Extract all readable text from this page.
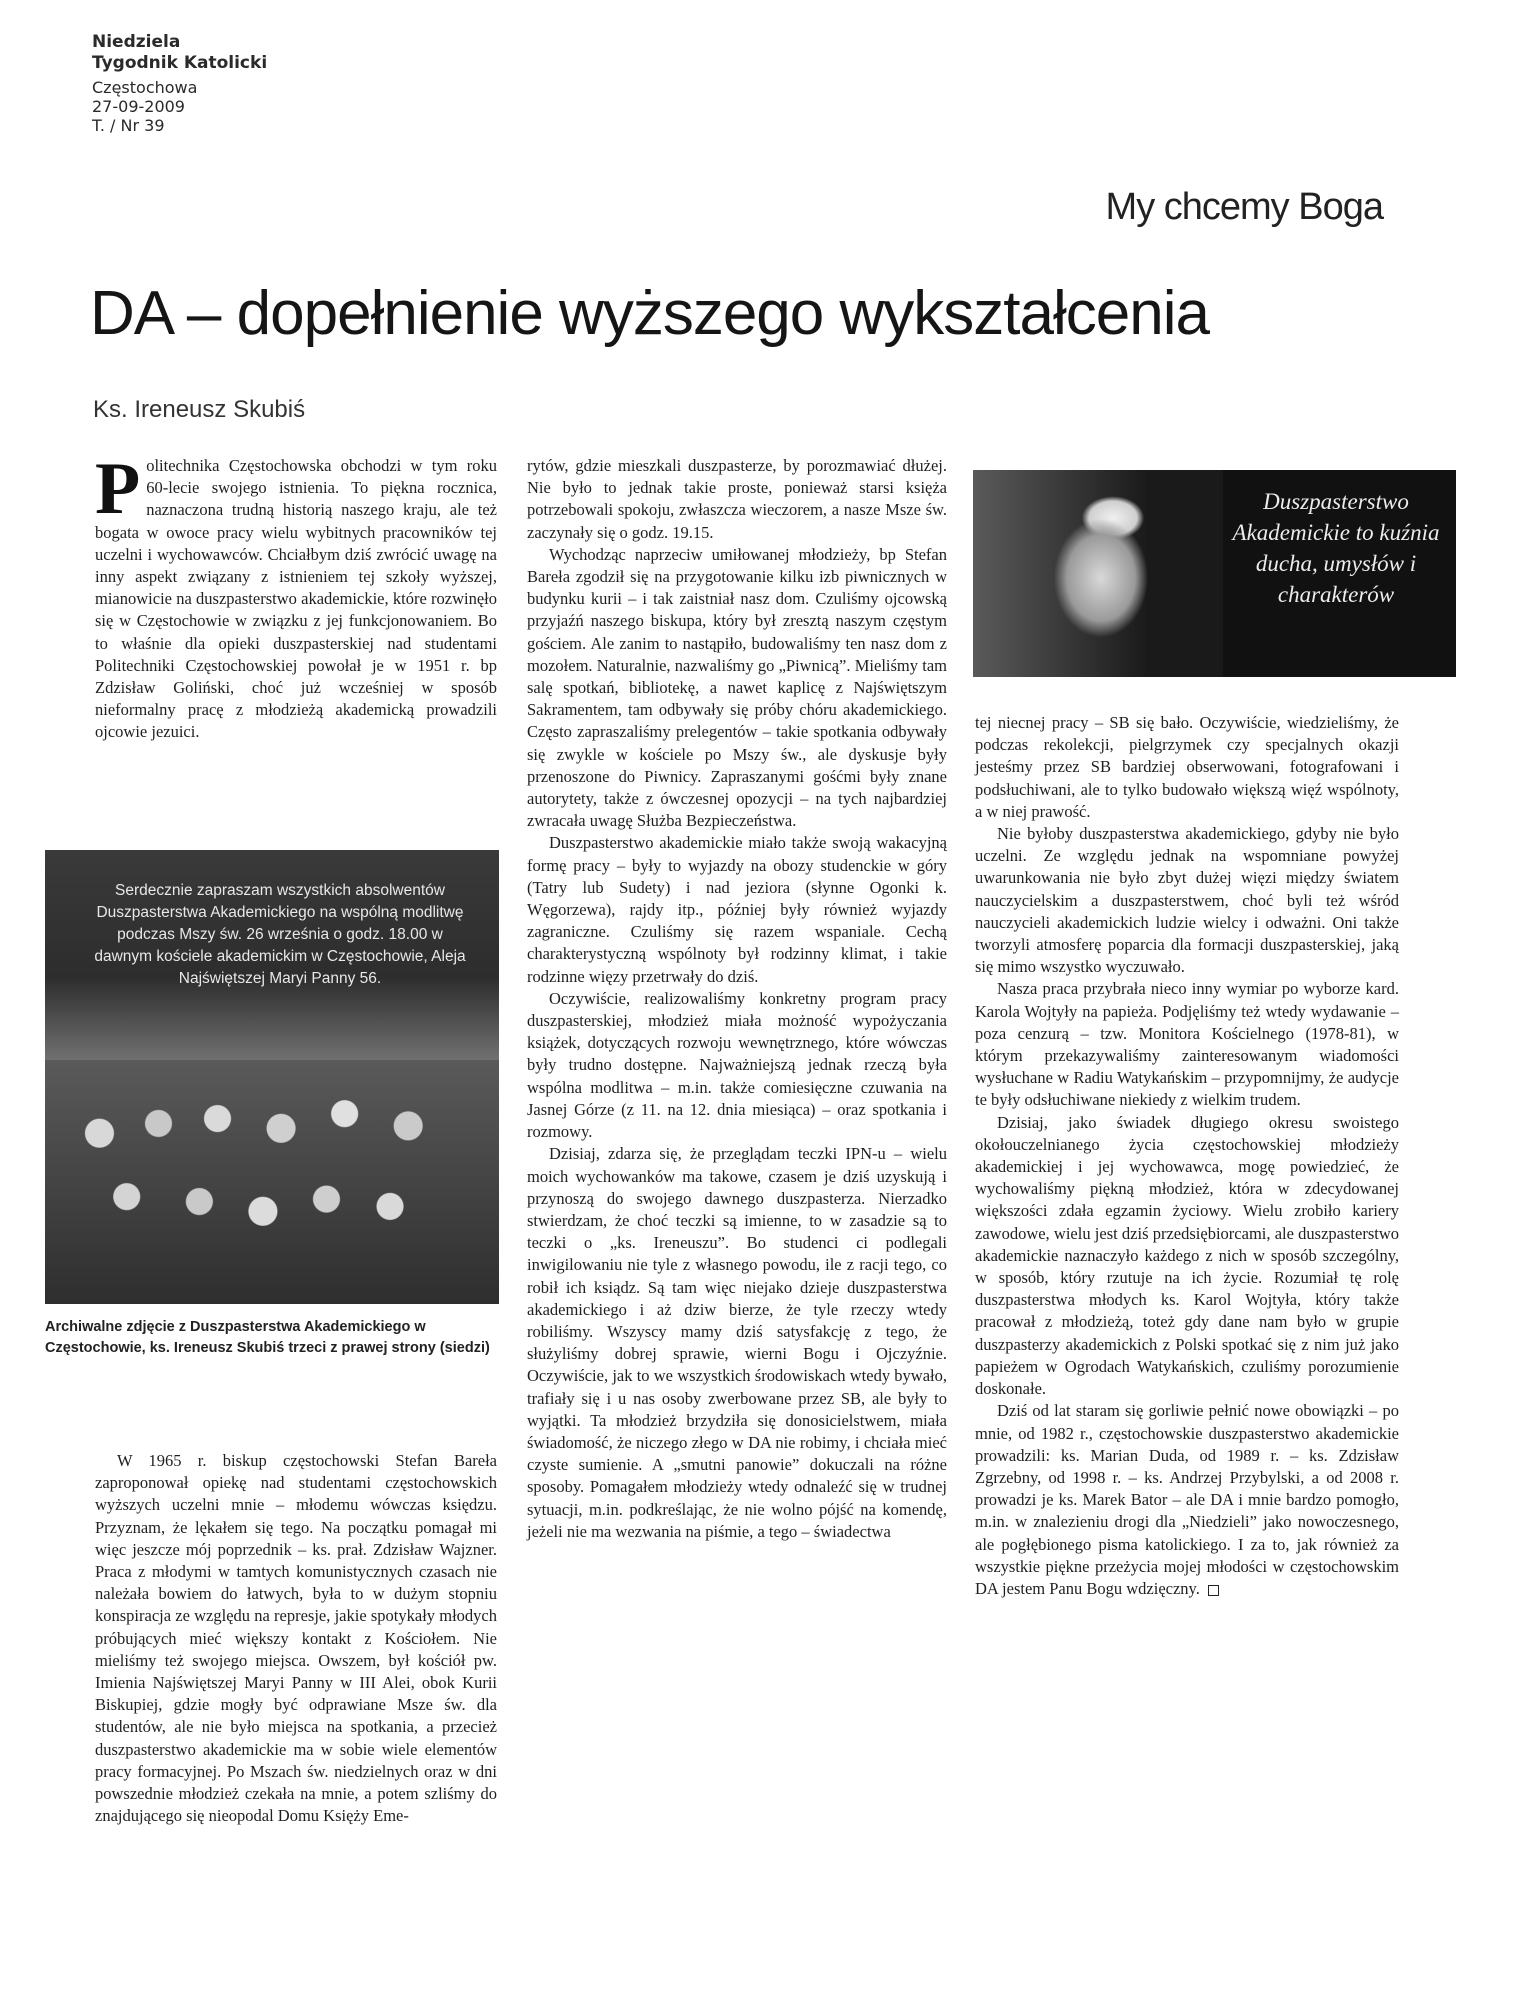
Niedziela
Tygodnik Katolicki
Częstochowa
27-09-2009
T. / Nr 39
My chcemy Boga
DA – dopełnienie wyższego wykształcenia
Ks. Ireneusz Skubiś

Politechnika Częstochowska obchodzi w tym roku 60-lecie swojego istnienia. To piękna rocznica, naznaczona trudną historią naszego kraju, ale też bogata w owoce pracy wielu wybitnych pracowników tej uczelni i wychowawców. Chciałbym dziś zwrócić uwagę na inny aspekt związany z istnieniem tej szkoły wyższej, mianowicie na duszpasterstwo akademickie, które rozwinęło się w Częstochowie w związku z jej funkcjonowaniem. Bo to właśnie dla opieki duszpasterskiej nad studentami Politechniki Częstochowskiej powołał je w 1951 r. bp Zdzisław Goliński, choć już wcześniej w sposób nieformalny pracę z młodzieżą akademicką prowadzili ojcowie jezuici.

Serdecznie zapraszam wszystkich absolwentów Duszpasterstwa Akademickiego na wspólną modlitwę podczas Mszy św. 26 września o godz. 18.00 w dawnym kościele akademickim w Częstochowie, Aleja Najświętszej Maryi Panny 56.
Archiwalne zdjęcie z Duszpasterstwa Akademickiego w Częstochowie, ks. Ireneusz Skubiś trzeci z prawej strony (siedzi)

W 1965 r. biskup częstochowski Stefan Bareła zaproponował opiekę nad studentami częstochowskich wyższych uczelni mnie – młodemu wówczas księdzu. Przyznam, że lękałem się tego. Na początku pomagał mi więc jeszcze mój poprzednik – ks. prał. Zdzisław Wajzner. Praca z młodymi w tamtych komunistycznych czasach nie należała bowiem do łatwych, była to w dużym stopniu konspiracja ze względu na represje, jakie spotykały młodych próbujących mieć większy kontakt z Kościołem. Nie mieliśmy też swojego miejsca. Owszem, był kościół pw. Imienia Najświętszej Maryi Panny w III Alei, obok Kurii Biskupiej, gdzie mogły być odprawiane Msze św. dla studentów, ale nie było miejsca na spotkania, a przecież duszpasterstwo akademickie ma w sobie wiele elementów pracy formacyjnej. Po Mszach św. niedzielnych oraz w dni powszednie młodzież czekała na mnie, a potem szliśmy do znajdującego się nieopodal Domu Księży Eme-

rytów, gdzie mieszkali duszpasterze, by porozmawiać dłużej. Nie było to jednak takie proste, ponieważ starsi księża potrzebowali spokoju, zwłaszcza wieczorem, a nasze Msze św. zaczynały się o godz. 19.15.

Wychodząc naprzeciw umiłowanej młodzieży, bp Stefan Bareła zgodził się na przygotowanie kilku izb piwnicznych w budynku kurii – i tak zaistniał nasz dom. Czuliśmy ojcowską przyjaźń naszego biskupa, który był zresztą naszym częstym gościem. Ale zanim to nastąpiło, budowaliśmy ten nasz dom z mozołem. Naturalnie, nazwaliśmy go „Piwnicą”. Mieliśmy tam salę spotkań, bibliotekę, a nawet kaplicę z Najświętszym Sakramentem, tam odbywały się próby chóru akademickiego. Często zapraszaliśmy prelegentów – takie spotkania odbywały się zwykle w kościele po Mszy św., ale dyskusje były przenoszone do Piwnicy. Zapraszanymi gośćmi były znane autorytety, także z ówczesnej opozycji – na tych najbardziej zwracała uwagę Służba Bezpieczeństwa.

Duszpasterstwo akademickie miało także swoją wakacyjną formę pracy – były to wyjazdy na obozy studenckie w góry (Tatry lub Sudety) i nad jeziora (słynne Ogonki k. Węgorzewa), rajdy itp., później były również wyjazdy zagraniczne. Czuliśmy się razem wspaniale. Cechą charakterystyczną wspólnoty był rodzinny klimat, i takie rodzinne więzy przetrwały do dziś.

Oczywiście, realizowaliśmy konkretny program pracy duszpasterskiej, młodzież miała możność wypożyczania książek, dotyczących rozwoju wewnętrznego, które wówczas były trudno dostępne. Najważniejszą jednak rzeczą była wspólna modlitwa – m.in. także comiesięczne czuwania na Jasnej Górze (z 11. na 12. dnia miesiąca) – oraz spotkania i rozmowy.

Dzisiaj, zdarza się, że przeglądam teczki IPN-u – wielu moich wychowanków ma takowe, czasem je dziś uzyskują i przynoszą do swojego dawnego duszpasterza. Nierzadko stwierdzam, że choć teczki są imienne, to w zasadzie są to teczki o „ks. Ireneuszu”. Bo studenci ci podlegali inwigilowaniu nie tyle z własnego powodu, ile z racji tego, co robił ich ksiądz. Są tam więc niejako dzieje duszpasterstwa akademickiego i aż dziw bierze, że tyle rzeczy wtedy robiliśmy. Wszyscy mamy dziś satysfakcję z tego, że służyliśmy dobrej sprawie, wierni Bogu i Ojczyźnie. Oczywiście, jak to we wszystkich środowiskach wtedy bywało, trafiały się i u nas osoby zwerbowane przez SB, ale były to wyjątki. Ta młodzież brzydziła się donosicielstwem, miała świadomość, że niczego złego w DA nie robimy, i chciała mieć czyste sumienie. A „smutni panowie” dokuczali na różne sposoby. Pomagałem młodzieży wtedy odnaleźć się w trudnej sytuacji, m.in. podkreślając, że nie wolno pójść na komendę, jeżeli nie ma wezwania na piśmie, a tego – świadectwa

Duszpasterstwo Akademickie to kuźnia ducha, umysłów i charakterów

tej niecnej pracy – SB się bało. Oczywiście, wiedzieliśmy, że podczas rekolekcji, pielgrzymek czy specjalnych okazji jesteśmy przez SB bardziej obserwowani, fotografowani i podsłuchiwani, ale to tylko budowało większą więź wspólnoty, a w niej prawość.

Nie byłoby duszpasterstwa akademickiego, gdyby nie było uczelni. Ze względu jednak na wspomniane powyżej uwarunkowania nie było zbyt dużej więzi między światem nauczycielskim a duszpasterstwem, choć byli też wśród nauczycieli akademickich ludzie wielcy i odważni. Oni także tworzyli atmosferę poparcia dla formacji duszpasterskiej, jaką się mimo wszystko wyczuwało.

Nasza praca przybrała nieco inny wymiar po wyborze kard. Karola Wojtyły na papieża. Podjęliśmy też wtedy wydawanie – poza cenzurą – tzw. Monitora Kościelnego (1978-81), w którym przekazywaliśmy zainteresowanym wiadomości wysłuchane w Radiu Watykańskim – przypomnijmy, że audycje te były odsłuchiwane niekiedy z wielkim trudem.

Dzisiaj, jako świadek długiego okresu swoistego okołouczelnianego życia częstochowskiej młodzieży akademickiej i jej wychowawca, mogę powiedzieć, że wychowaliśmy piękną młodzież, która w zdecydowanej większości zdała egzamin życiowy. Wielu zrobiło kariery zawodowe, wielu jest dziś przedsiębiorcami, ale duszpasterstwo akademickie naznaczyło każdego z nich w sposób szczególny, w sposób, który rzutuje na ich życie. Rozumiał tę rolę duszpasterstwa młodych ks. Karol Wojtyła, który także pracował z młodzieżą, toteż gdy dane nam było w grupie duszpasterzy akademickich z Polski spotkać się z nim już jako papieżem w Ogrodach Watykańskich, czuliśmy porozumienie doskonałe.

Dziś od lat staram się gorliwie pełnić nowe obowiązki – po mnie, od 1982 r., częstochowskie duszpasterstwo akademickie prowadzili: ks. Marian Duda, od 1989 r. – ks. Zdzisław Zgrzebny, od 1998 r. – ks. Andrzej Przybylski, a od 2008 r. prowadzi je ks. Marek Bator – ale DA i mnie bardzo pomogło, m.in. w znalezieniu drogi dla „Niedzieli” jako nowoczesnego, ale pogłębionego pisma katolickiego. I za to, jak również za wszystkie piękne przeżycia mojej młodości w częstochowskim DA jestem Panu Bogu wdzięczny.
